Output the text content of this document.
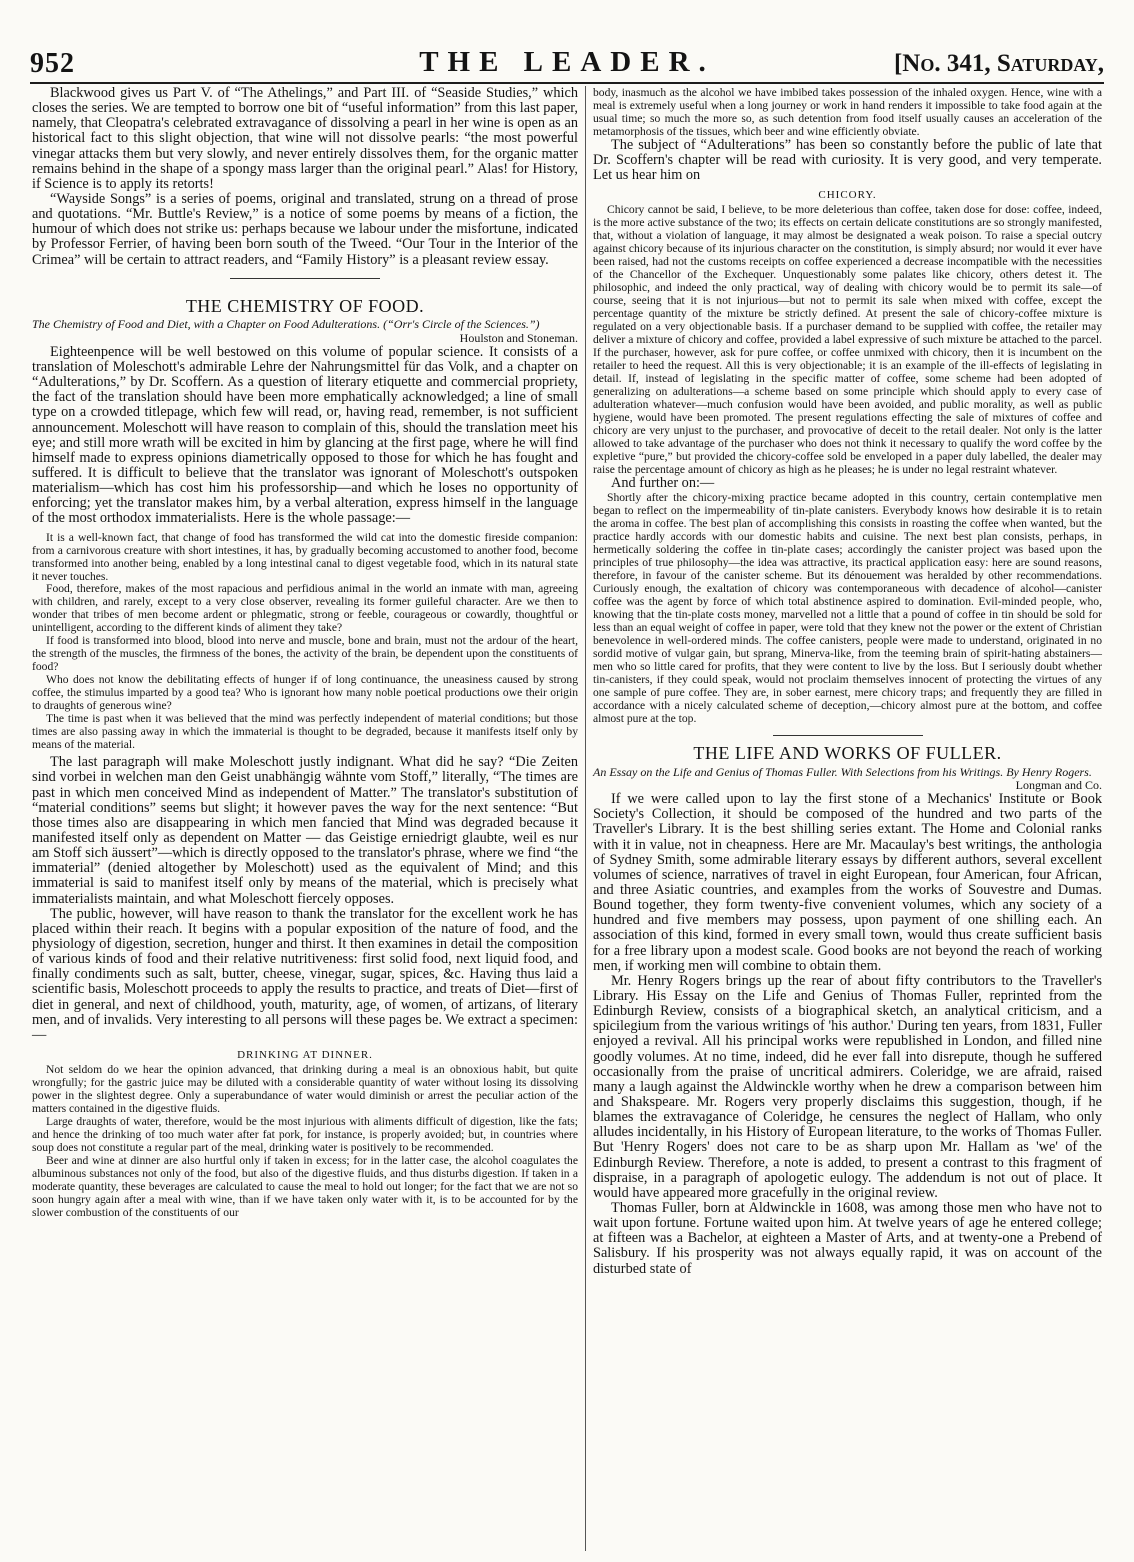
952	THE LEADER.	[No. 341, Saturday,

Blackwood gives us Part V. of “The Athelings,” and Part III. of “Seaside Studies,” which closes the series. We are tempted to borrow one bit of “useful information” from this last paper, namely, that Cleopatra's celebrated extravagance of dissolving a pearl in her wine is open as an historical fact to this slight objection, that wine will not dissolve pearls: “the most powerful vinegar attacks them but very slowly, and never entirely dissolves them, for the organic matter remains behind in the shape of a spongy mass larger than the original pearl.” Alas! for History, if Science is to apply its retorts!

“Wayside Songs” is a series of poems, original and translated, strung on a thread of prose and quotations. “Mr. Buttle's Review,” is a notice of some poems by means of a fiction, the humour of which does not strike us: perhaps because we labour under the misfortune, indicated by Professor Ferrier, of having been born south of the Tweed. “Our Tour in the Interior of the Crimea” will be certain to attract readers, and “Family History” is a pleasant review essay.

THE CHEMISTRY OF FOOD.

The Chemistry of Food and Diet, with a Chapter on Food Adulterations. (“Orr's Circle of the Sciences.”)
Houlston and Stoneman.

Eighteenpence will be well bestowed on this volume of popular science. It consists of a translation of Moleschott's admirable Lehre der Nahrungsmittel für das Volk, and a chapter on “Adulterations,” by Dr. Scoffern. As a question of literary etiquette and commercial propriety, the fact of the translation should have been more emphatically acknowledged; a line of small type on a crowded titlepage, which few will read, or, having read, remember, is not sufficient announcement. Moleschott will have reason to complain of this, should the translation meet his eye; and still more wrath will be excited in him by glancing at the first page, where he will find himself made to express opinions diametrically opposed to those for which he has fought and suffered. It is difficult to believe that the translator was ignorant of Moleschott's outspoken materialism—which has cost him his professorship—and which he loses no opportunity of enforcing; yet the translator makes him, by a verbal alteration, express himself in the language of the most orthodox immaterialists. Here is the whole passage:—

It is a well-known fact, that change of food has transformed the wild cat into the domestic fireside companion: from a carnivorous creature with short intestines, it has, by gradually becoming accustomed to another food, become transformed into another being, enabled by a long intestinal canal to digest vegetable food, which in its natural state it never touches.

Food, therefore, makes of the most rapacious and perfidious animal in the world an inmate with man, agreeing with children, and rarely, except to a very close observer, revealing its former guileful character. Are we then to wonder that tribes of men become ardent or phlegmatic, strong or feeble, courageous or cowardly, thoughtful or unintelligent, according to the different kinds of aliment they take?

If food is transformed into blood, blood into nerve and muscle, bone and brain, must not the ardour of the heart, the strength of the muscles, the firmness of the bones, the activity of the brain, be dependent upon the constituents of food?

Who does not know the debilitating effects of hunger if of long continuance, the uneasiness caused by strong coffee, the stimulus imparted by a good tea? Who is ignorant how many noble poetical productions owe their origin to draughts of generous wine?

The time is past when it was believed that the mind was perfectly independent of material conditions; but those times are also passing away in which the immaterial is thought to be degraded, because it manifests itself only by means of the material.

The last paragraph will make Moleschott justly indignant. What did he say? “Die Zeiten sind vorbei in welchen man den Geist unabhängig wähnte vom Stoff,” literally, “The times are past in which men conceived Mind as independent of Matter.” The translator's substitution of “material conditions” seems but slight; it however paves the way for the next sentence: “But those times also are disappearing in which men fancied that Mind was degraded because it manifested itself only as dependent on Matter — das Geistige erniedrigt glaubte, weil es nur am Stoff sich äussert”—which is directly opposed to the translator's phrase, where we find “the immaterial” (denied altogether by Moleschott) used as the equivalent of Mind; and this immaterial is said to manifest itself only by means of the material, which is precisely what immaterialists maintain, and what Moleschott fiercely opposes.

The public, however, will have reason to thank the translator for the excellent work he has placed within their reach. It begins with a popular exposition of the nature of food, and the physiology of digestion, secretion, hunger and thirst. It then examines in detail the composition of various kinds of food and their relative nutritiveness: first solid food, next liquid food, and finally condiments such as salt, butter, cheese, vinegar, sugar, spices, &c. Having thus laid a scientific basis, Moleschott proceeds to apply the results to practice, and treats of Diet—first of diet in general, and next of childhood, youth, maturity, age, of women, of artizans, of literary men, and of invalids. Very interesting to all persons will these pages be. We extract a specimen:—

DRINKING AT DINNER.

Not seldom do we hear the opinion advanced, that drinking during a meal is an obnoxious habit, but quite wrongfully; for the gastric juice may be diluted with a considerable quantity of water without losing its dissolving power in the slightest degree. Only a superabundance of water would diminish or arrest the peculiar action of the matters contained in the digestive fluids.

Large draughts of water, therefore, would be the most injurious with aliments difficult of digestion, like the fats; and hence the drinking of too much water after fat pork, for instance, is properly avoided; but, in countries where soup does not constitute a regular part of the meal, drinking water is positively to be recommended.

Beer and wine at dinner are also hurtful only if taken in excess; for in the latter case, the alcohol coagulates the albuminous substances not only of the food, but also of the digestive fluids, and thus disturbs digestion. If taken in a moderate quantity, these beverages are calculated to cause the meal to hold out longer; for the fact that we are not so soon hungry again after a meal with wine, than if we have taken only water with it, is to be accounted for by the slower combustion of the constituents of our

body, inasmuch as the alcohol we have imbibed takes possession of the inhaled oxygen. Hence, wine with a meal is extremely useful when a long journey or work in hand renders it impossible to take food again at the usual time; so much the more so, as such detention from food itself usually causes an acceleration of the metamorphosis of the tissues, which beer and wine efficiently obviate.

The subject of “Adulterations” has been so constantly before the public of late that Dr. Scoffern's chapter will be read with curiosity. It is very good, and very temperate. Let us hear him on

CHICORY.

Chicory cannot be said, I believe, to be more deleterious than coffee, taken dose for dose: coffee, indeed, is the more active substance of the two; its effects on certain delicate constitutions are so strongly manifested, that, without a violation of language, it may almost be designated a weak poison. To raise a special outcry against chicory because of its injurious character on the constitution, is simply absurd; nor would it ever have been raised, had not the customs receipts on coffee experienced a decrease incompatible with the necessities of the Chancellor of the Exchequer. Unquestionably some palates like chicory, others detest it. The philosophic, and indeed the only practical, way of dealing with chicory would be to permit its sale—of course, seeing that it is not injurious—but not to permit its sale when mixed with coffee, except the percentage quantity of the mixture be strictly defined. At present the sale of chicory-coffee mixture is regulated on a very objectionable basis. If a purchaser demand to be supplied with coffee, the retailer may deliver a mixture of chicory and coffee, provided a label expressive of such mixture be attached to the parcel. If the purchaser, however, ask for pure coffee, or coffee unmixed with chicory, then it is incumbent on the retailer to heed the request. All this is very objectionable; it is an example of the ill-effects of legislating in detail. If, instead of legislating in the specific matter of coffee, some scheme had been adopted of generalizing on adulterations—a scheme based on some principle which should apply to every case of adulteration whatever—much confusion would have been avoided, and public morality, as well as public hygiene, would have been promoted. The present regulations effecting the sale of mixtures of coffee and chicory are very unjust to the purchaser, and provocative of deceit to the retail dealer. Not only is the latter allowed to take advantage of the purchaser who does not think it necessary to qualify the word coffee by the expletive “pure,” but provided the chicory-coffee sold be enveloped in a paper duly labelled, the dealer may raise the percentage amount of chicory as high as he pleases; he is under no legal restraint whatever.

And further on:—

Shortly after the chicory-mixing practice became adopted in this country, certain contemplative men began to reflect on the impermeability of tin-plate canisters. Everybody knows how desirable it is to retain the aroma in coffee. The best plan of accomplishing this consists in roasting the coffee when wanted, but the practice hardly accords with our domestic habits and cuisine. The next best plan consists, perhaps, in hermetically soldering the coffee in tin-plate cases; accordingly the canister project was based upon the principles of true philosophy—the idea was attractive, its practical application easy: here are sound reasons, therefore, in favour of the canister scheme. But its dénouement was heralded by other recommendations. Curiously enough, the exaltation of chicory was contemporaneous with decadence of alcohol—canister coffee was the agent by force of which total abstinence aspired to domination. Evil-minded people, who, knowing that the tin-plate costs money, marvelled not a little that a pound of coffee in tin should be sold for less than an equal weight of coffee in paper, were told that they knew not the power or the extent of Christian benevolence in well-ordered minds. The coffee canisters, people were made to understand, originated in no sordid motive of vulgar gain, but sprang, Minerva-like, from the teeming brain of spirit-hating abstainers—men who so little cared for profits, that they were content to live by the loss. But I seriously doubt whether tin-canisters, if they could speak, would not proclaim themselves innocent of protecting the virtues of any one sample of pure coffee. They are, in sober earnest, mere chicory traps; and frequently they are filled in accordance with a nicely calculated scheme of deception,—chicory almost pure at the bottom, and coffee almost pure at the top.

THE LIFE AND WORKS OF FULLER.

An Essay on the Life and Genius of Thomas Fuller. With Selections from his Writings. By Henry Rogers.
Longman and Co.

If we were called upon to lay the first stone of a Mechanics' Institute or Book Society's Collection, it should be composed of the hundred and two parts of the Traveller's Library. It is the best shilling series extant. The Home and Colonial ranks with it in value, not in cheapness. Here are Mr. Macaulay's best writings, the anthologia of Sydney Smith, some admirable literary essays by different authors, several excellent volumes of science, narratives of travel in eight European, four American, four African, and three Asiatic countries, and examples from the works of Souvestre and Dumas. Bound together, they form twenty-five convenient volumes, which any society of a hundred and five members may possess, upon payment of one shilling each. An association of this kind, formed in every small town, would thus create sufficient basis for a free library upon a modest scale. Good books are not beyond the reach of working men, if working men will combine to obtain them.

Mr. Henry Rogers brings up the rear of about fifty contributors to the Traveller's Library. His Essay on the Life and Genius of Thomas Fuller, reprinted from the Edinburgh Review, consists of a biographical sketch, an analytical criticism, and a spicilegium from the various writings of 'his author.' During ten years, from 1831, Fuller enjoyed a revival. All his principal works were republished in London, and filled nine goodly volumes. At no time, indeed, did he ever fall into disrepute, though he suffered occasionally from the praise of uncritical admirers. Coleridge, we are afraid, raised many a laugh against the Aldwinckle worthy when he drew a comparison between him and Shakspeare. Mr. Rogers very properly disclaims this suggestion, though, if he blames the extravagance of Coleridge, he censures the neglect of Hallam, who only alludes incidentally, in his History of European literature, to the works of Thomas Fuller. But 'Henry Rogers' does not care to be as sharp upon Mr. Hallam as 'we' of the Edinburgh Review. Therefore, a note is added, to present a contrast to this fragment of dispraise, in a paragraph of apologetic eulogy. The addendum is not out of place. It would have appeared more gracefully in the original review.

Thomas Fuller, born at Aldwinckle in 1608, was among those men who have not to wait upon fortune. Fortune waited upon him. At twelve years of age he entered college; at fifteen was a Bachelor, at eighteen a Master of Arts, and at twenty-one a Prebend of Salisbury. If his prosperity was not always equally rapid, it was on account of the disturbed state of
